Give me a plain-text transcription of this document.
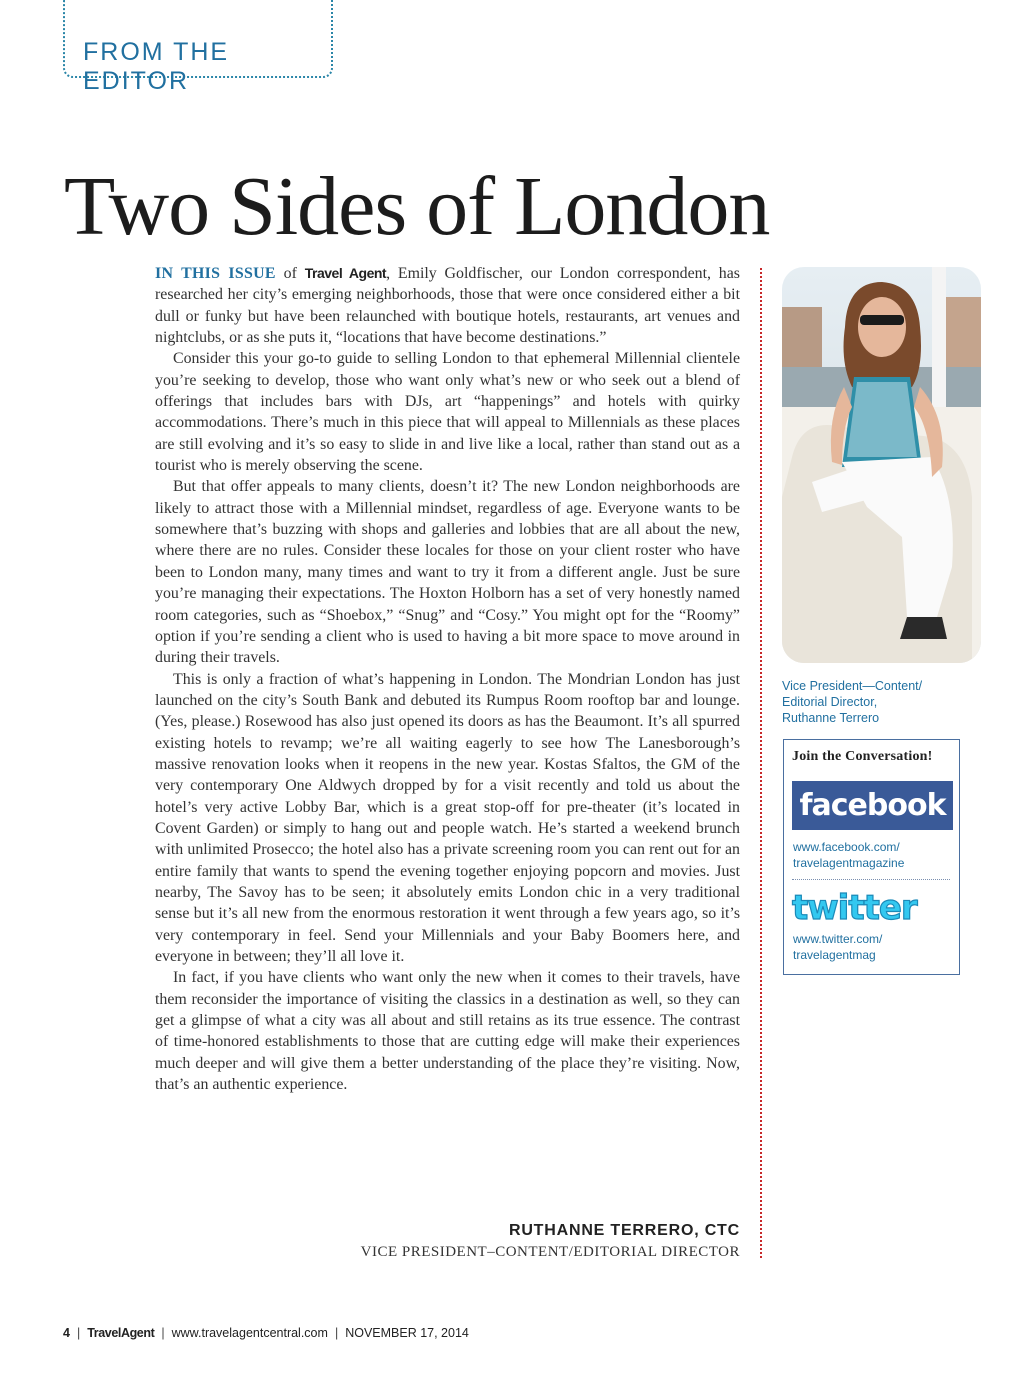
FROM THE EDITOR
Two Sides of London

IN THIS ISSUE of Travel Agent, Emily Goldfischer, our London correspondent, has researched her city’s emerging neighborhoods, those that were once considered either a bit dull or funky but have been relaunched with boutique hotels, restaurants, art venues and nightclubs, or as she puts it, “locations that have become destinations.”

Consider this your go-to guide to selling London to that ephemeral Millennial clientele you’re seeking to develop, those who want only what’s new or who seek out a blend of offerings that includes bars with DJs, art “happenings” and hotels with quirky accommodations. There’s much in this piece that will appeal to Millennials as these places are still evolving and it’s so easy to slide in and live like a local, rather than stand out as a tourist who is merely observing the scene.

But that offer appeals to many clients, doesn’t it? The new London neighborhoods are likely to attract those with a Millennial mindset, regardless of age. Everyone wants to be somewhere that’s buzzing with shops and galleries and lobbies that are all about the new, where there are no rules. Consider these locales for those on your client roster who have been to London many, many times and want to try it from a different angle. Just be sure you’re managing their expectations. The Hoxton Holborn has a set of very honestly named room categories, such as “Shoebox,” “Snug” and “Cosy.” You might opt for the “Roomy” option if you’re sending a client who is used to having a bit more space to move around in during their travels.

This is only a fraction of what’s happening in London. The Mondrian London has just launched on the city’s South Bank and debuted its Rumpus Room rooftop bar and lounge. (Yes, please.) Rosewood has also just opened its doors as has the Beaumont. It’s all spurred existing hotels to revamp; we’re all waiting eagerly to see how The Lanesborough’s massive renovation looks when it reopens in the new year. Kostas Sfaltos, the GM of the very contemporary One Aldwych dropped by for a visit recently and told us about the hotel’s very active Lobby Bar, which is a great stop-off for pre-theater (it’s located in Covent Garden) or simply to hang out and people watch. He’s started a weekend brunch with unlimited Prosecco; the hotel also has a private screening room you can rent out for an entire family that wants to spend the evening together enjoying popcorn and movies. Just nearby, The Savoy has to be seen; it absolutely emits London chic in a very traditional sense but it’s all new from the enormous restoration it went through a few years ago, so it’s very contemporary in feel. Send your Millennials and your Baby Boomers here, and everyone in between; they’ll all love it.

In fact, if you have clients who want only the new when it comes to their travels, have them reconsider the importance of visiting the classics in a destination as well, so they can get a glimpse of what a city was all about and still retains as its true essence. The contrast of time-honored establishments to those that are cutting edge will make their experiences much deeper and will give them a better understanding of the place they’re visiting. Now, that’s an authentic experience.

RUTHANNE TERRERO, CTC
VICE PRESIDENT–CONTENT/EDITORIAL DIRECTOR
Vice President—Content/
Editorial Director,
Ruthanne Terrero
Join the Conversation!
facebook
www.facebook.com/
travelagentmagazine
twitter
www.twitter.com/
travelagentmag
4 | TravelAgent | www.travelagentcentral.com | NOVEMBER 17, 2014
